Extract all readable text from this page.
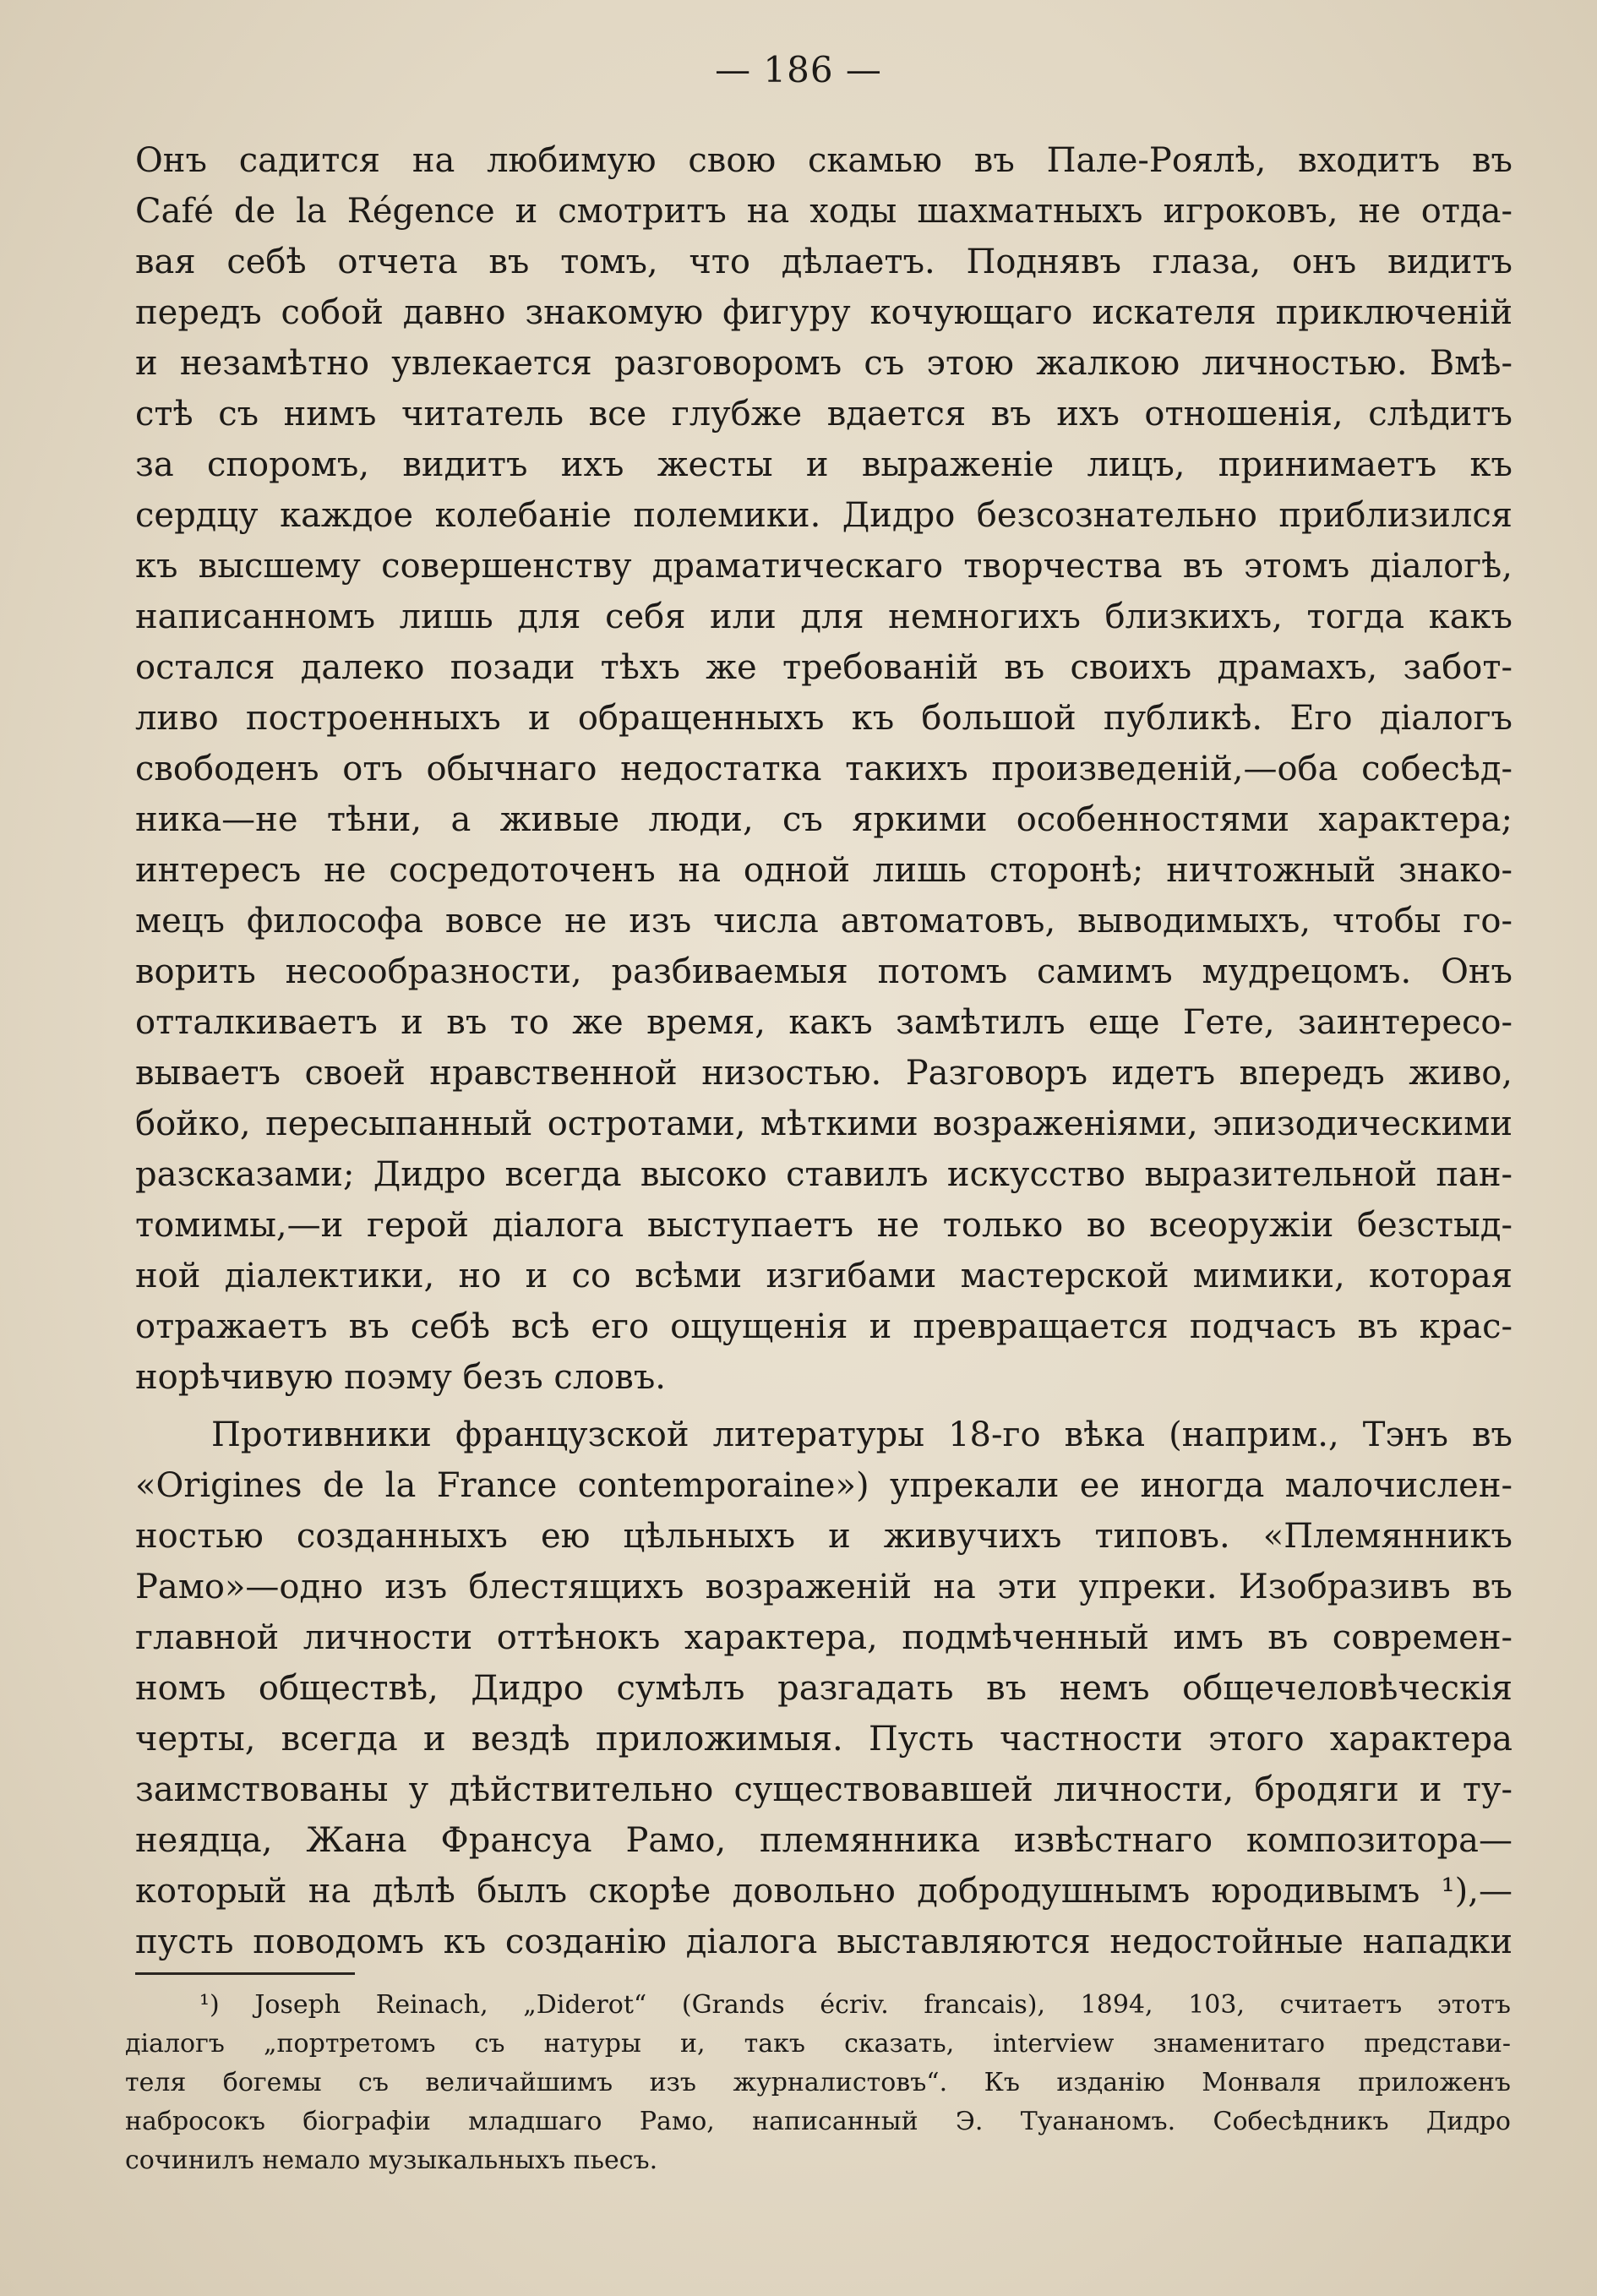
— 186 —
Онъ садится на любимую свою скамью въ Пале-Роялѣ, входитъ въ
Café de la Régence и смотритъ на ходы шахматныхъ игроковъ, не отда-
вая себѣ отчета въ томъ, что дѣлаетъ. Поднявъ глаза, онъ видитъ
передъ собой давно знакомую фигуру кочующаго искателя приключеній
и незамѣтно увлекается разговоромъ съ этою жалкою личностью. Вмѣ-
стѣ съ нимъ читатель все глубже вдается въ ихъ отношенія, слѣдитъ
за споромъ, видитъ ихъ жесты и выраженіе лицъ, принимаетъ къ
сердцу каждое колебаніе полемики. Дидро безсознательно приблизился
къ высшему совершенству драматическаго творчества въ этомъ діалогѣ,
написанномъ лишь для себя или для немногихъ близкихъ, тогда какъ
остался далеко позади тѣхъ же требованій въ своихъ драмахъ, забот-
ливо построенныхъ и обращенныхъ къ большой публикѣ. Его діалогъ
свободенъ отъ обычнаго недостатка такихъ произведеній,—оба собесѣд-
ника—не тѣни, а живые люди, съ яркими особенностями характера;
интересъ не сосредоточенъ на одной лишь сторонѣ; ничтожный знако-
мецъ философа вовсе не изъ числа автоматовъ, выводимыхъ, чтобы го-
ворить несообразности, разбиваемыя потомъ самимъ мудрецомъ. Онъ
отталкиваетъ и въ то же время, какъ замѣтилъ еще Гете, заинтересо-
вываетъ своей нравственной низостью. Разговоръ идетъ впередъ живо,
бойко, пересыпанный остротами, мѣткими возраженіями, эпизодическими
разсказами; Дидро всегда высоко ставилъ искусство выразительной пан-
томимы,—и герой діалога выступаетъ не только во всеоружіи безстыд-
ной діалектики, но и со всѣми изгибами мастерской мимики, которая
отражаетъ въ себѣ всѣ его ощущенія и превращается подчасъ въ крас-
норѣчивую поэму безъ словъ.
Противники французской литературы 18-го вѣка (наприм., Тэнъ въ
«Origines de la France contemporaine») упрекали ее иногда малочислен-
ностью созданныхъ ею цѣльныхъ и живучихъ типовъ. «Племянникъ
Рамо»—одно изъ блестящихъ возраженій на эти упреки. Изобразивъ въ
главной личности оттѣнокъ характера, подмѣченный имъ въ современ-
номъ обществѣ, Дидро сумѣлъ разгадать въ немъ общечеловѣческія
черты, всегда и вездѣ приложимыя. Пусть частности этого характера
заимствованы у дѣйствительно существовавшей личности, бродяги и ту-
неядца, Жана Франсуа Рамо, племянника извѣстнаго композитора—
который на дѣлѣ былъ скорѣе довольно добродушнымъ юродивымъ ¹),—
пусть поводомъ къ созданію діалога выставляются недостойные нападки
¹) Joseph Reinach, „Diderot“ (Grands écriv. francais), 1894, 103, считаетъ этотъ
діалогъ „портретомъ съ натуры и, такъ сказать, interview знаменитаго представи-
теля богемы съ величайшимъ изъ журналистовъ“. Къ изданію Монваля приложенъ
набросокъ біографіи младшаго Рамо, написанный Э. Туананомъ. Собесѣдникъ Дидро
сочинилъ немало музыкальныхъ пьесъ.
